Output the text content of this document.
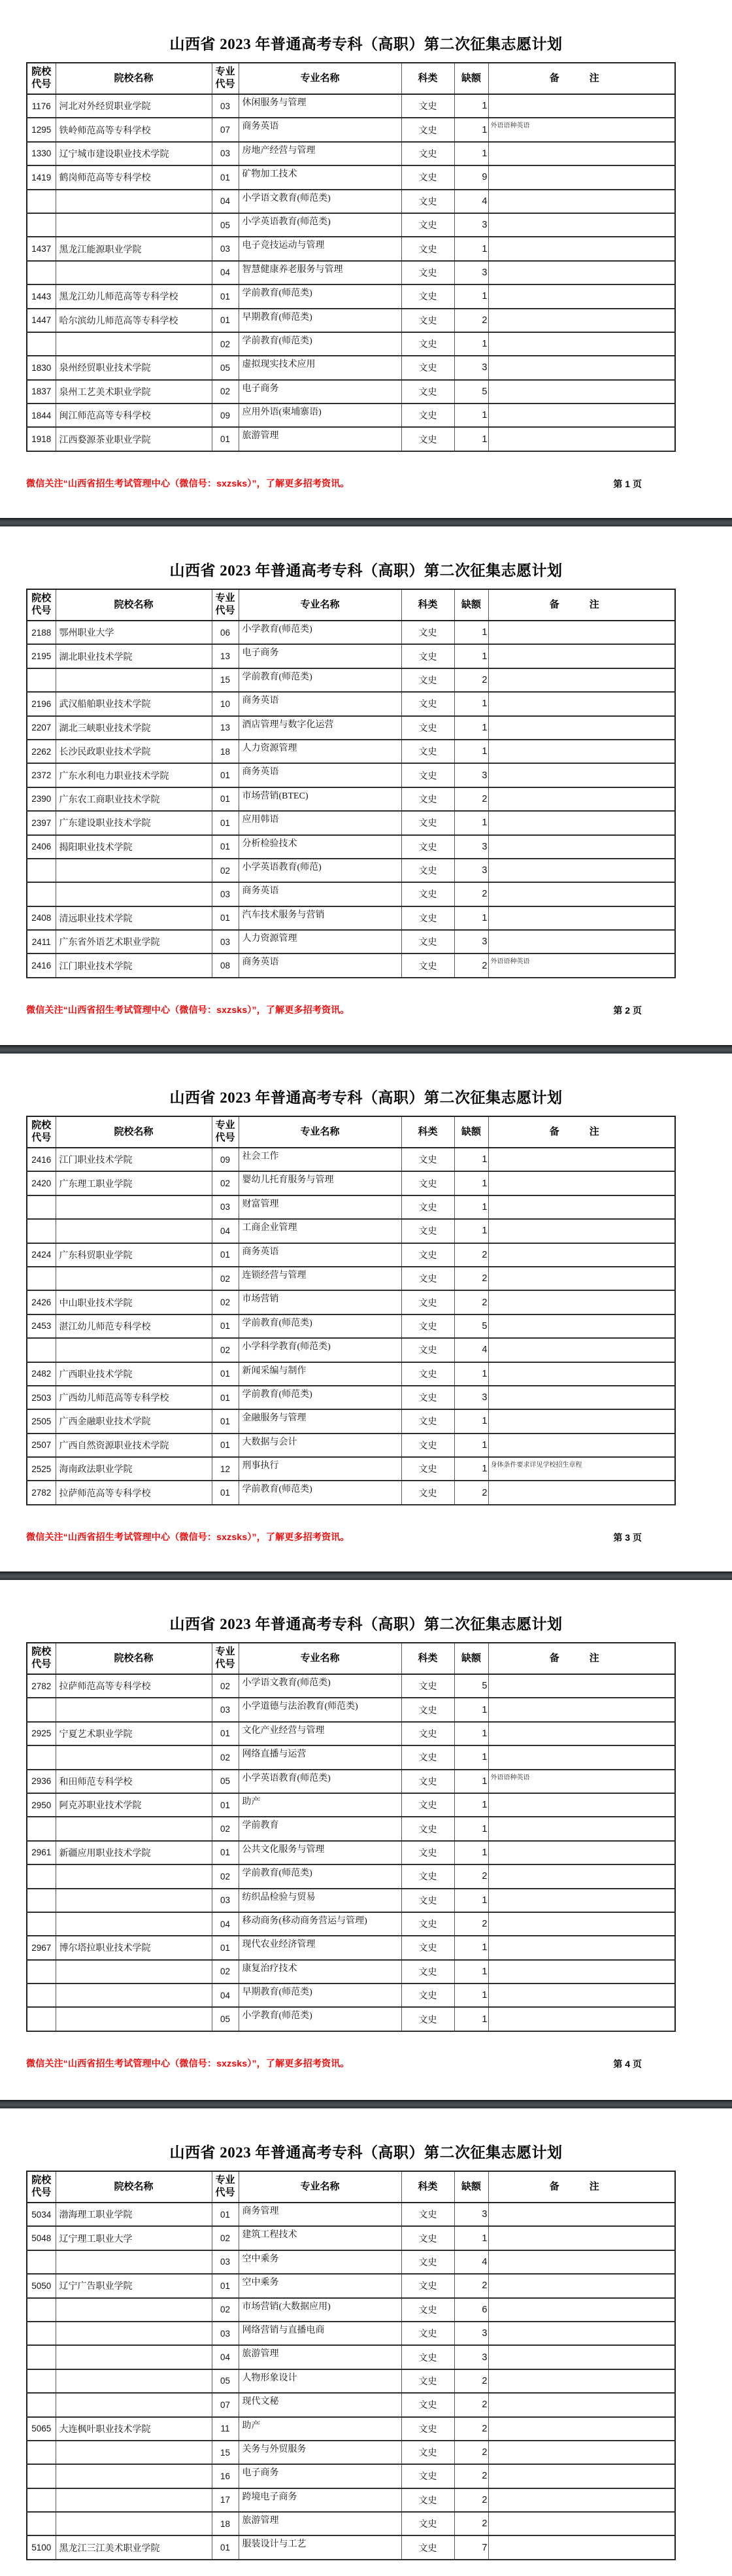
山西省 2023 年普通高考专科（高职）第二次征集志愿计划
院校代号	院校名称	专业代号	专业名称	科类	缺额	备注
1176	河北对外经贸职业学院	03	休闲服务与管理	文史	1	
1295	铁岭师范高等专科学校	07	商务英语	文史	1	外语语种英语
1330	辽宁城市建设职业技术学院	03	房地产经营与管理	文史	1	
1419	鹤岗师范高等专科学校	01	矿物加工技术	文史	9	
		04	小学语文教育(师范类)	文史	4	
		05	小学英语教育(师范类)	文史	3	
1437	黑龙江能源职业学院	03	电子竞技运动与管理	文史	1	
		04	智慧健康养老服务与管理	文史	3	
1443	黑龙江幼儿师范高等专科学校	01	学前教育(师范类)	文史	1	
1447	哈尔滨幼儿师范高等专科学校	01	早期教育(师范类)	文史	2	
		02	学前教育(师范类)	文史	1	
1830	泉州经贸职业技术学院	05	虚拟现实技术应用	文史	3	
1837	泉州工艺美术职业学院	02	电子商务	文史	5	
1844	闽江师范高等专科学校	09	应用外语(柬埔寨语)	文史	1	
1918	江西婺源茶业职业学院	01	旅游管理	文史	1	
微信关注“山西省招生考试管理中心（微信号：sxzsks）”，了解更多招考资讯。	第 1 页
山西省 2023 年普通高考专科（高职）第二次征集志愿计划
院校代号	院校名称	专业代号	专业名称	科类	缺额	备注
2188	鄂州职业大学	06	小学教育(师范类)	文史	1	
2195	湖北职业技术学院	13	电子商务	文史	1	
		15	学前教育(师范类)	文史	2	
2196	武汉船舶职业技术学院	10	商务英语	文史	1	
2207	湖北三峡职业技术学院	13	酒店管理与数字化运营	文史	1	
2262	长沙民政职业技术学院	18	人力资源管理	文史	1	
2372	广东水利电力职业技术学院	01	商务英语	文史	3	
2390	广东农工商职业技术学院	01	市场营销(BTEC)	文史	2	
2397	广东建设职业技术学院	01	应用韩语	文史	1	
2406	揭阳职业技术学院	01	分析检验技术	文史	3	
		02	小学英语教育(师范)	文史	3	
		03	商务英语	文史	2	
2408	清远职业技术学院	01	汽车技术服务与营销	文史	1	
2411	广东省外语艺术职业学院	03	人力资源管理	文史	3	
2416	江门职业技术学院	08	商务英语	文史	2	外语语种英语
微信关注“山西省招生考试管理中心（微信号：sxzsks）”，了解更多招考资讯。	第 2 页
山西省 2023 年普通高考专科（高职）第二次征集志愿计划
院校代号	院校名称	专业代号	专业名称	科类	缺额	备注
2416	江门职业技术学院	09	社会工作	文史	1	
2420	广东理工职业学院	02	婴幼儿托育服务与管理	文史	1	
		03	财富管理	文史	1	
		04	工商企业管理	文史	1	
2424	广东科贸职业学院	01	商务英语	文史	2	
		02	连锁经营与管理	文史	2	
2426	中山职业技术学院	02	市场营销	文史	2	
2453	湛江幼儿师范专科学校	01	学前教育(师范类)	文史	5	
		02	小学科学教育(师范类)	文史	4	
2482	广西职业技术学院	01	新闻采编与制作	文史	1	
2503	广西幼儿师范高等专科学校	01	学前教育(师范类)	文史	3	
2505	广西金融职业技术学院	01	金融服务与管理	文史	1	
2507	广西自然资源职业技术学院	01	大数据与会计	文史	1	
2525	海南政法职业学院	12	刑事执行	文史	1	身体条件要求详见学校招生章程
2782	拉萨师范高等专科学校	01	学前教育(师范类)	文史	2	
微信关注“山西省招生考试管理中心（微信号：sxzsks）”，了解更多招考资讯。	第 3 页
山西省 2023 年普通高考专科（高职）第二次征集志愿计划
院校代号	院校名称	专业代号	专业名称	科类	缺额	备注
2782	拉萨师范高等专科学校	02	小学语文教育(师范类)	文史	5	
		03	小学道德与法治教育(师范类)	文史	1	
2925	宁夏艺术职业学院	01	文化产业经营与管理	文史	1	
		02	网络直播与运营	文史	1	
2936	和田师范专科学校	05	小学英语教育(师范类)	文史	1	外语语种英语
2950	阿克苏职业技术学院	01	助产	文史	1	
		02	学前教育	文史	1	
2961	新疆应用职业技术学院	01	公共文化服务与管理	文史	1	
		02	学前教育(师范类)	文史	2	
		03	纺织品检验与贸易	文史	1	
		04	移动商务(移动商务营运与管理)	文史	2	
2967	博尔塔拉职业技术学院	01	现代农业经济管理	文史	1	
		02	康复治疗技术	文史	1	
		04	早期教育(师范类)	文史	1	
		05	小学教育(师范类)	文史	1	
微信关注“山西省招生考试管理中心（微信号：sxzsks）”，了解更多招考资讯。	第 4 页
山西省 2023 年普通高考专科（高职）第二次征集志愿计划
院校代号	院校名称	专业代号	专业名称	科类	缺额	备注
5034	渤海理工职业学院	01	商务管理	文史	3	
5048	辽宁理工职业大学	02	建筑工程技术	文史	1	
		03	空中乘务	文史	4	
5050	辽宁广告职业学院	01	空中乘务	文史	2	
		02	市场营销(大数据应用)	文史	6	
		03	网络营销与直播电商	文史	3	
		04	旅游管理	文史	3	
		05	人物形象设计	文史	2	
		07	现代文秘	文史	2	
5065	大连枫叶职业技术学院	11	助产	文史	2	
		15	关务与外贸服务	文史	2	
		16	电子商务	文史	2	
		17	跨境电子商务	文史	2	
		18	旅游管理	文史	2	
5100	黑龙江三江美术职业学院	01	服装设计与工艺	文史	7	
